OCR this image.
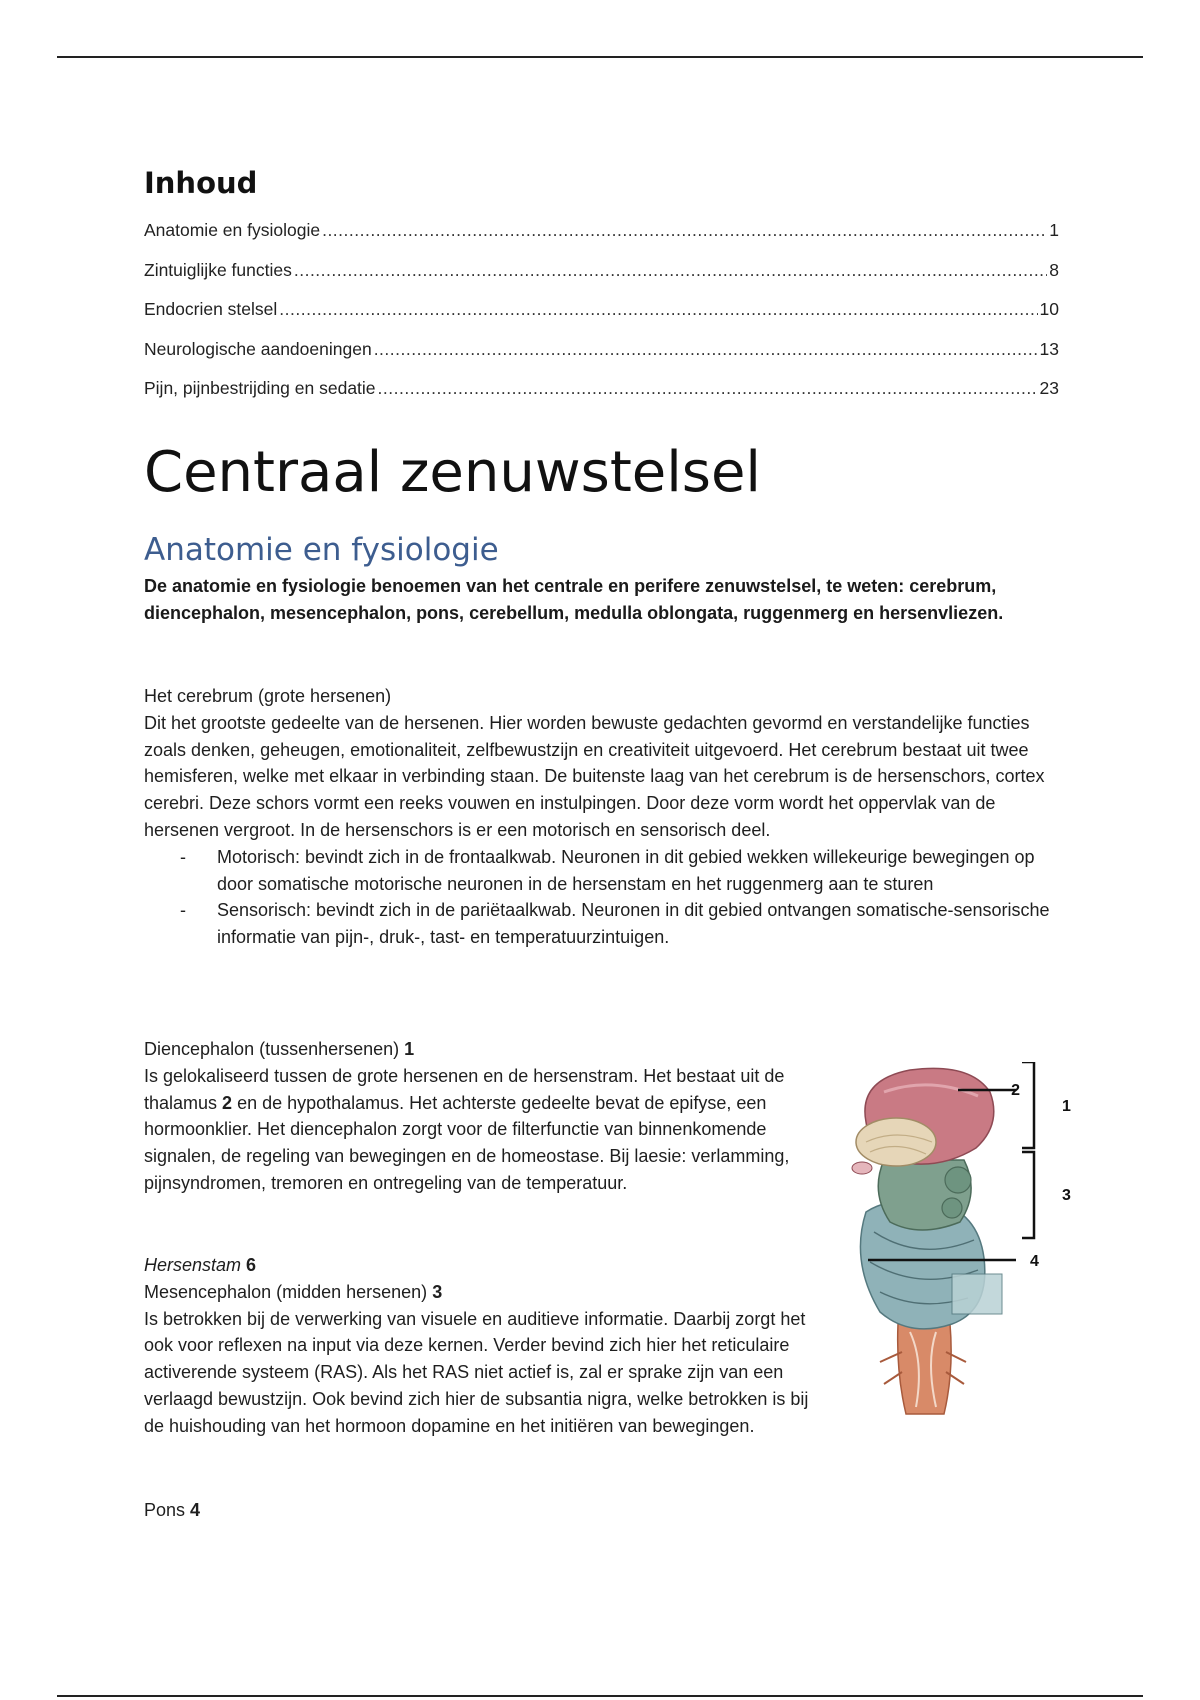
Inhoud
Anatomie en fysiologie .....	1
Zintuiglijke functies .....	8
Endocrien stelsel .....	10
Neurologische aandoeningen .....	13
Pijn, pijnbestrijding en sedatie .....	23
Centraal zenuwstelsel
Anatomie en fysiologie
De anatomie en fysiologie benoemen van het centrale en perifere zenuwstelsel, te weten: cerebrum, diencephalon, mesencephalon, pons, cerebellum, medulla oblongata, ruggenmerg en hersenvliezen.
Het cerebrum (grote hersenen)
Dit het grootste gedeelte van de hersenen. Hier worden bewuste gedachten gevormd en verstandelijke functies zoals denken, geheugen, emotionaliteit, zelfbewustzijn en creativiteit uitgevoerd. Het cerebrum bestaat uit twee hemisferen, welke met elkaar in verbinding staan. De buitenste laag van het cerebrum is de hersenschors, cortex cerebri. Deze schors vormt een reeks vouwen en instulpingen. Door deze vorm wordt het oppervlak van de hersenen vergroot. In de hersenschors is er een motorisch en sensorisch deel.
- Motorisch: bevindt zich in de frontaalkwab. Neuronen in dit gebied wekken willekeurige bewegingen op door somatische motorische neuronen in de hersenstam en het ruggenmerg aan te sturen
- Sensorisch: bevindt zich in de pariëtaalkwab. Neuronen in dit gebied ontvangen somatische-sensorische informatie van pijn-, druk-, tast- en temperatuurzintuigen.
Diencephalon (tussenhersenen) 1
Is gelokaliseerd tussen de grote hersenen en de hersenstram. Het bestaat uit de thalamus 2 en de hypothalamus. Het achterste gedeelte bevat de epifyse, een hormoonklier. Het diencephalon zorgt voor de filterfunctie van binnenkomende signalen, de regeling van bewegingen en de homeostase. Bij laesie: verlamming, pijnsyndromen, tremoren en ontregeling van de temperatuur.
Hersenstam 6
Mesencephalon (midden hersenen) 3
Is betrokken bij de verwerking van visuele en auditieve informatie. Daarbij zorgt het ook voor reflexen na input via deze kernen. Verder bevind zich hier het reticulaire activerende systeem (RAS). Als het RAS niet actief is, zal er sprake zijn van een verlaagd bewustzijn. Ook bevind zich hier de subsantia nigra, welke betrokken is bij de huishouding van het hormoon dopamine en het initiëren van bewegingen.
Pons 4
2
1
3
4
